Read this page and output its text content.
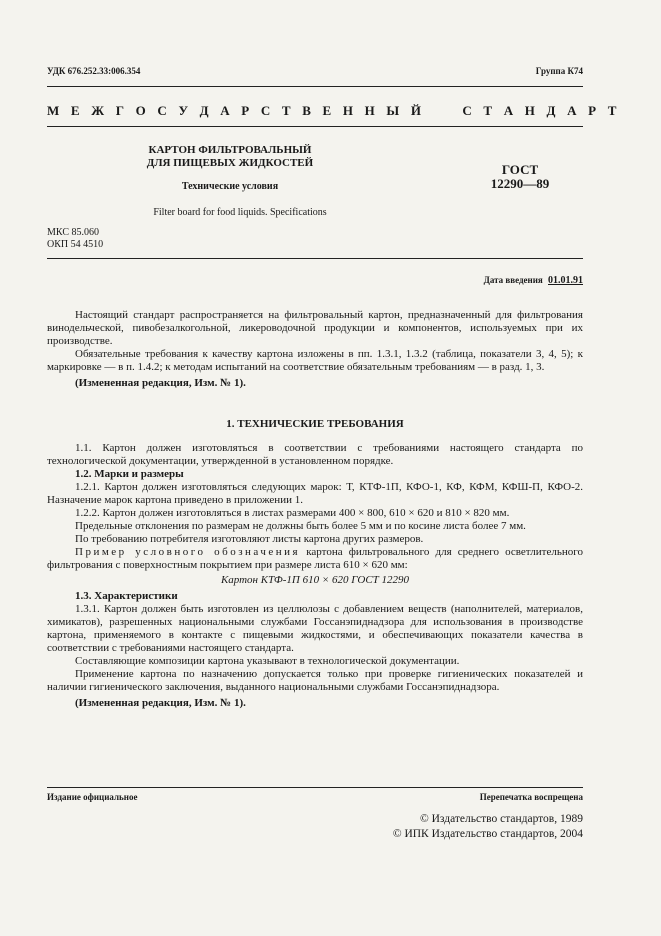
УДК 676.252.33:006.354	Группа К74
М Е Ж Г О С У Д А Р С Т В Е Н Н Ы Й     С Т А Н Д А Р Т
КАРТОН ФИЛЬТРОВАЛЬНЫЙ
ДЛЯ ПИЩЕВЫХ ЖИДКОСТЕЙ
Технические условия
Filter board for food liquids. Specifications
ГОСТ
12290—89
МКС 85.060
ОКП 54 4510
Дата введения 01.01.91

Настоящий стандарт распространяется на фильтровальный картон, предназначенный для фильтрования винодельческой, пивобезалкогольной, ликероводочной продукции и компонентов, используемых при их производстве.

Обязательные требования к качеству картона изложены в пп. 1.3.1, 1.3.2 (таблица, показатели 3, 4, 5); к маркировке — в п. 1.4.2; к методам испытаний на соответствие обязательным требованиям — в разд. 1, 3.

(Измененная редакция, Изм. № 1).

1. ТЕХНИЧЕСКИЕ ТРЕБОВАНИЯ

1.1. Картон должен изготовляться в соответствии с требованиями настоящего стандарта по технологической документации, утвержденной в установленном порядке.

1.2. Марки и размеры

1.2.1. Картон должен изготовляться следующих марок: Т, КТФ-1П, КФО-1, КФ, КФМ, КФШ-П, КФО-2. Назначение марок картона приведено в приложении 1.

1.2.2. Картон должен изготовляться в листах размерами 400 × 800, 610 × 620 и 810 × 820 мм.

Предельные отклонения по размерам не должны быть более 5 мм и по косине листа более 7 мм.

По требованию потребителя изготовляют листы картона других размеров.

Пример условного обозначения картона фильтровального для среднего осветлительного фильтрования с поверхностным покрытием при размере листа 610 × 620 мм:

Картон КТФ-1П 610 × 620 ГОСТ 12290

1.3. Характеристики

1.3.1. Картон должен быть изготовлен из целлюлозы с добавлением веществ (наполнителей, материалов, химикатов), разрешенных национальными службами Госсанэпиднадзора для использования в производстве картона, применяемого в контакте с пищевыми жидкостями, и обеспечивающих показатели качества в соответствии с требованиями настоящего стандарта.

Составляющие композиции картона указывают в технологической документации.

Применение картона по назначению допускается только при проверке гигиенических показателей и наличии гигиенического заключения, выданного национальными службами Госсанэпиднадзора.

(Измененная редакция, Изм. № 1).

Издание официальное	Перепечатка воспрещена
© Издательство стандартов, 1989
© ИПК Издательство стандартов, 2004
